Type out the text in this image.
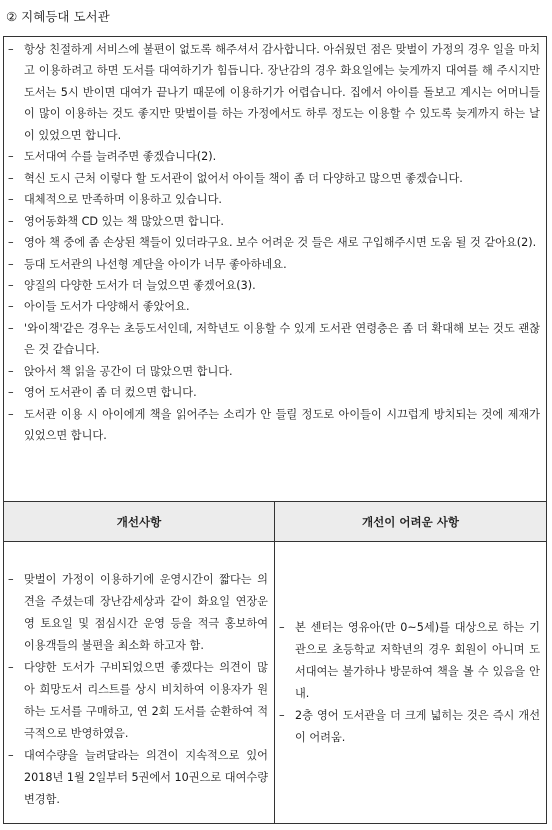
② 지혜등대 도서관
– 항상 친절하게 서비스에 불편이 없도록 해주셔서 감사합니다. 아쉬웠던 점은 맞벌이 가정의 경우 일을 마치고 이용하려고 하면 도서를 대여하기가 힘듭니다. 장난감의 경우 화요일에는 늦게까지 대여를 해 주시지만 도서는 5시 반이면 대여가 끝나기 때문에 이용하기가 어렵습니다. 집에서 아이를 돌보고 계시는 어머니들이 많이 이용하는 것도 좋지만 맞벌이를 하는 가정에서도 하루 정도는 이용할 수 있도록 늦게까지 하는 날이 있었으면 합니다.
– 도서대여 수를 늘려주면 좋겠습니다(2).
– 혁신 도시 근처 이렇다 할 도서관이 없어서 아이들 책이 좀 더 다양하고 많으면 좋겠습니다.
– 대체적으로 만족하며 이용하고 있습니다.
– 영어동화책 CD 있는 책 많았으면 합니다.
– 영아 책 중에 좀 손상된 책들이 있더라구요. 보수 어려운 것 들은 새로 구입해주시면 도움 될 것 같아요(2).
– 등대 도서관의 나선형 계단을 아이가 너무 좋아하네요.
– 양질의 다양한 도서가 더 늘었으면 좋겠어요(3).
– 아이들 도서가 다양해서 좋았어요.
– '와이책'같은 경우는 초등도서인데, 저학년도 이용할 수 있게 도서관 연령층은 좀 더 확대해 보는 것도 괜찮은 것 같습니다.
– 앉아서 책 읽을 공간이 더 많았으면 합니다.
– 영어 도서관이 좀 더 컸으면 합니다.
– 도서관 이용 시 아이에게 책을 읽어주는 소리가 안 들릴 정도로 아이들이 시끄럽게 방치되는 것에 제재가 있었으면 합니다.
개선사항	개선이 어려운 사항
– 맞벌이 가정이 이용하기에 운영시간이 짧다는 의견을 주셨는데 장난감세상과 같이 화요일 연장운영 토요일 및 점심시간 운영 등을 적극 홍보하여 이용객들의 불편을 최소화 하고자 함.
– 다양한 도서가 구비되었으면 좋겠다는 의견이 많아 희망도서 리스트를 상시 비치하여 이용자가 원하는 도서를 구매하고, 연 2회 도서를 순환하여 적극적으로 반영하였음.
– 대여수량을 늘려달라는 의견이 지속적으로 있어 2018년 1월 2일부터 5권에서 10권으로 대여수량 변경함.
– 본 센터는 영유아(만 0~5세)를 대상으로 하는 기관으로 초등학교 저학년의 경우 회원이 아니며 도서대여는 불가하나 방문하여 책을 볼 수 있음을 안내.
– 2층 영어 도서관을 더 크게 넓히는 것은 즉시 개선이 어려움.
